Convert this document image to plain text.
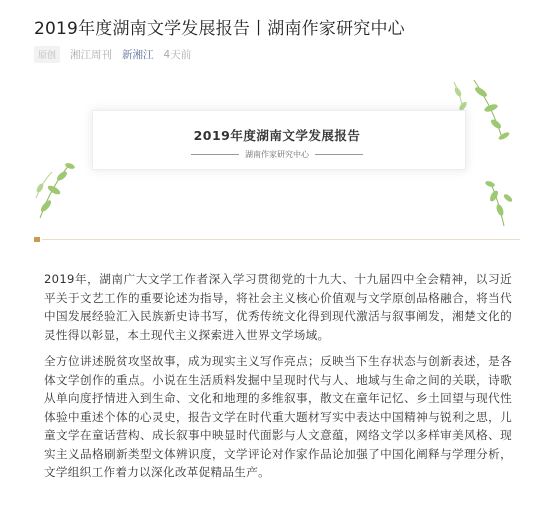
2019年度湖南文学发展报告丨湖南作家研究中心
原创	湘江周刊 新湘江 4天前
2019年度湖南文学发展报告
湖南作家研究中心
2019年，湖南广大文学工作者深入学习贯彻党的十九大、十九届四中全会精神，以习近平关于文艺工作的重要论述为指导，将社会主义核心价值观与文学原创品格融合，将当代中国发展经验汇入民族新史诗书写，优秀传统文化得到现代激活与叙事阐发，湘楚文化的灵性得以彰显，本土现代主义探索进入世界文学场域。
全方位讲述脱贫攻坚故事，成为现实主义写作亮点；反映当下生存状态与创新表述，是各体文学创作的重点。小说在生活质料发掘中呈现时代与人、地域与生命之间的关联，诗歌从单向度抒情进入到生命、文化和地理的多维叙事，散文在童年记忆、乡土回望与现代性体验中重述个体的心灵史，报告文学在时代重大题材写实中表达中国精神与锐利之思，儿童文学在童话营构、成长叙事中映显时代面影与人文意蕴，网络文学以多样审美风格、现实主义品格刷新类型文体辨识度，文学评论对作家作品论加强了中国化阐释与学理分析，文学组织工作着力以深化改革促精品生产。
